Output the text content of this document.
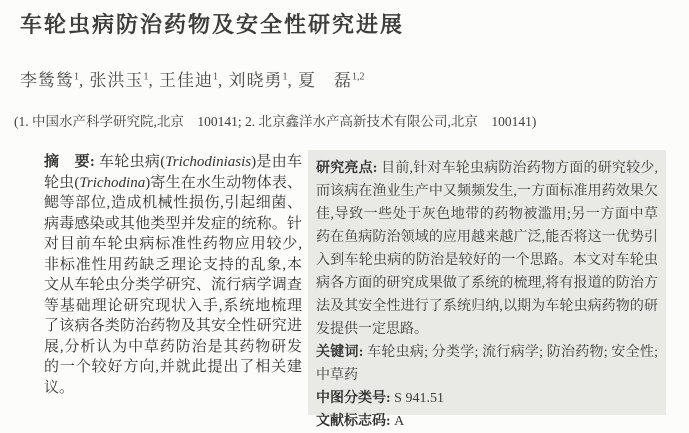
车轮虫病防治药物及安全性研究进展
李鸶鸶$^1$, 张洪玉$^1$, 王佳迪$^1$, 刘晓勇$^1$, 夏　磊$^{1,2}$
(1. 中国水产科学研究院,北京　100141; 2. 北京鑫洋水产高新技术有限公司,北京　100141)
摘　要: 车轮虫病(Trichodiniasis)是由车轮虫(Trichodina)寄生在水生动物体表、鳃等部位,造成机械性损伤,引起细菌、病毒感染或其他类型并发症的统称。针对目前车轮虫病标准性药物应用较少,非标准性用药缺乏理论支持的乱象,本文从车轮虫分类学研究、流行病学调查等基础理论研究现状入手,系统地梳理了该病各类防治药物及其安全性研究进展,分析认为中草药防治是其药物研发的一个较好方向,并就此提出了相关建议。
研究亮点: 目前,针对车轮虫病防治药物方面的研究较少,而该病在渔业生产中又频频发生,一方面标准用药效果欠佳,导致一些处于灰色地带的药物被滥用;另一方面中草药在鱼病防治领域的应用越来越广泛,能否将这一优势引入到车轮虫病的防治是较好的一个思路。本文对车轮虫病各方面的研究成果做了系统的梳理,将有报道的防治方法及其安全性进行了系统归纳,以期为车轮虫病药物的研发提供一定思路。
关键词: 车轮虫病; 分类学; 流行病学; 防治药物; 安全性; 中草药
中图分类号: S 941.51
文献标志码: A
